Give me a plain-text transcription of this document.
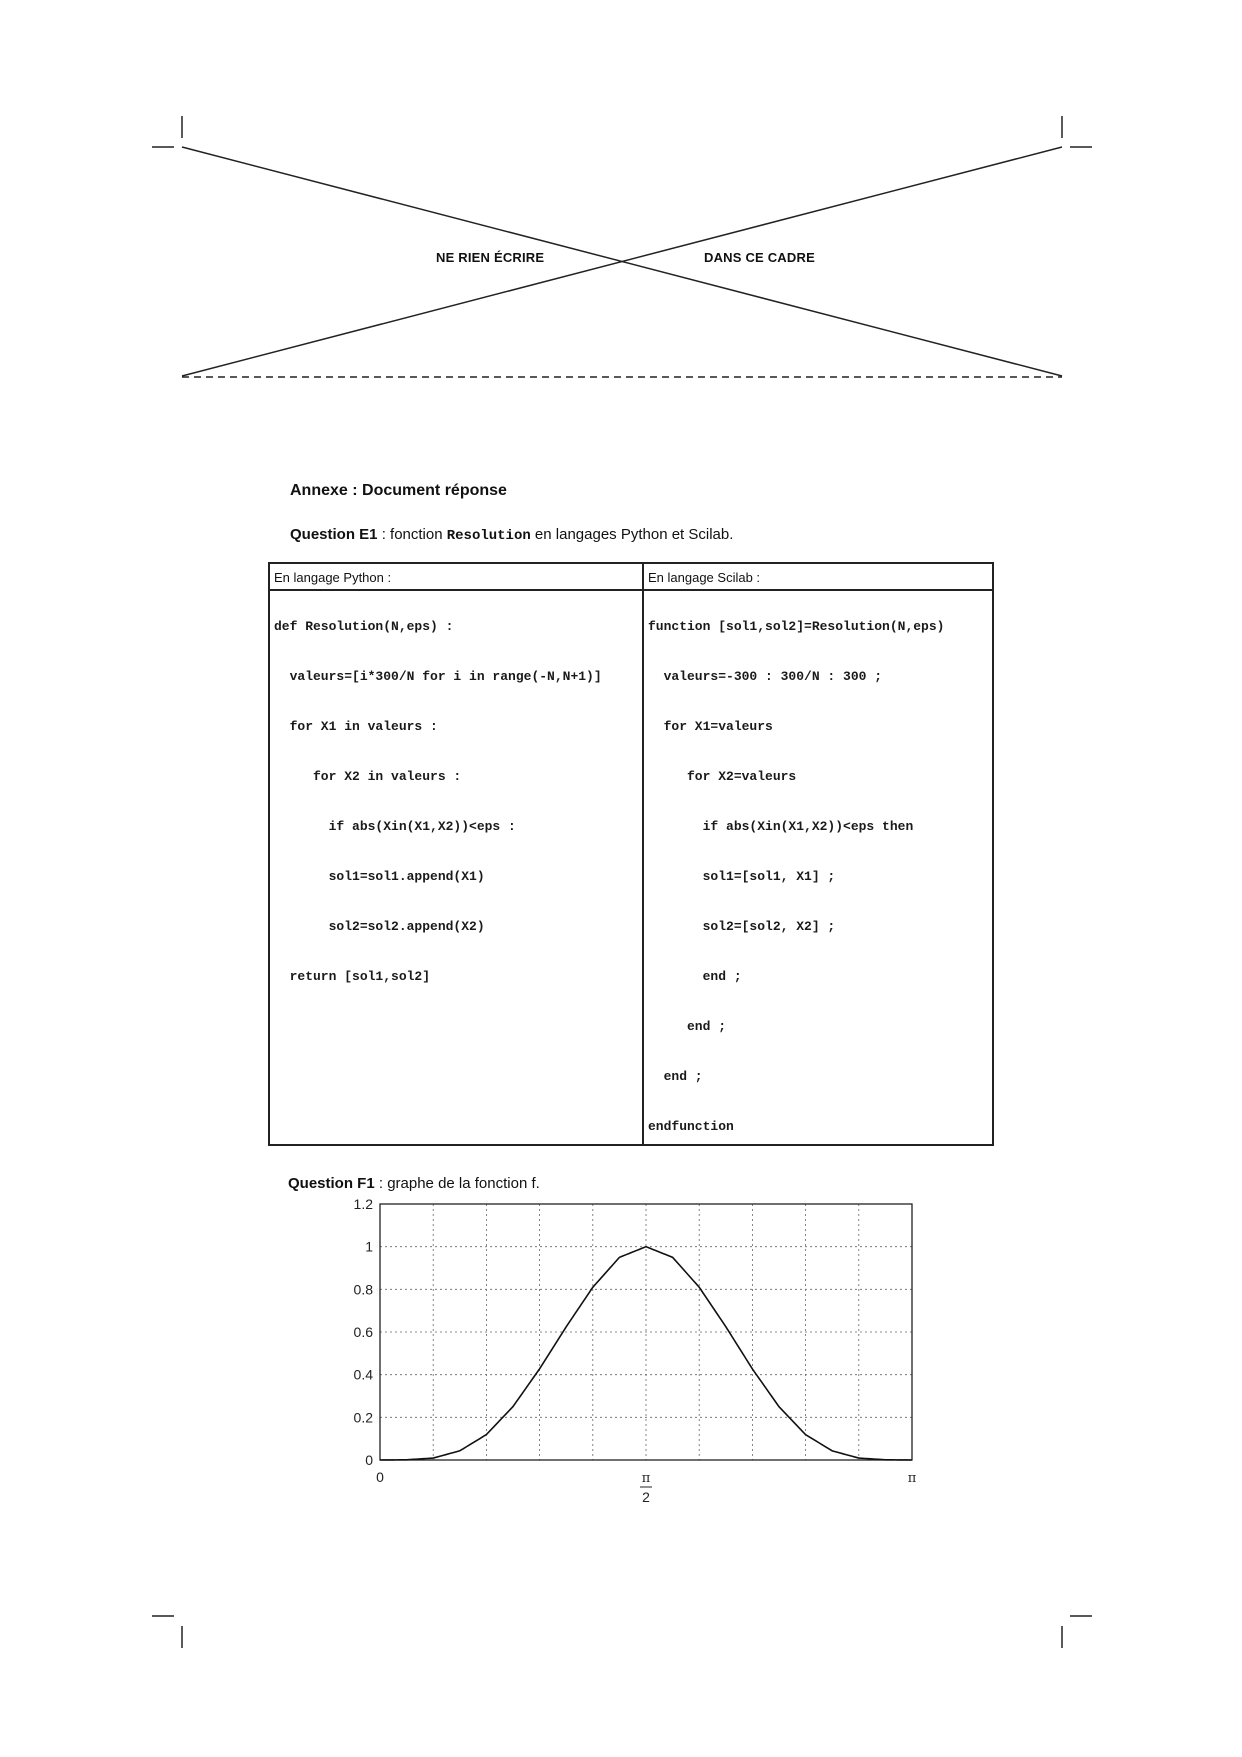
NE RIEN ÉCRIRE	DANS CE CADRE
Annexe : Document réponse
Question E1 : fonction Resolution en langages Python et Scilab.
En langage Python :
def Resolution(N,eps) :
valeurs=[i*300/N for i in range(-N,N+1)]
for X1 in valeurs :
for X2 in valeurs :
if abs(Xin(X1,X2))<eps :
sol1=sol1.append(X1)
sol2=sol2.append(X2)
return [sol1,sol2]
En langage Scilab :
function [sol1,sol2]=Resolution(N,eps)
valeurs=-300 : 300/N : 300 ;
for X1=valeurs
for X2=valeurs
if abs(Xin(X1,X2))<eps then
sol1=[sol1, X1] ;
sol2=[sol2, X2] ;
end ;
end ;
end ;
endfunction
Question F1 : graphe de la fonction f.
0
0.2
0.4
0.6
0.8
1
1.2
0	π
2
π
